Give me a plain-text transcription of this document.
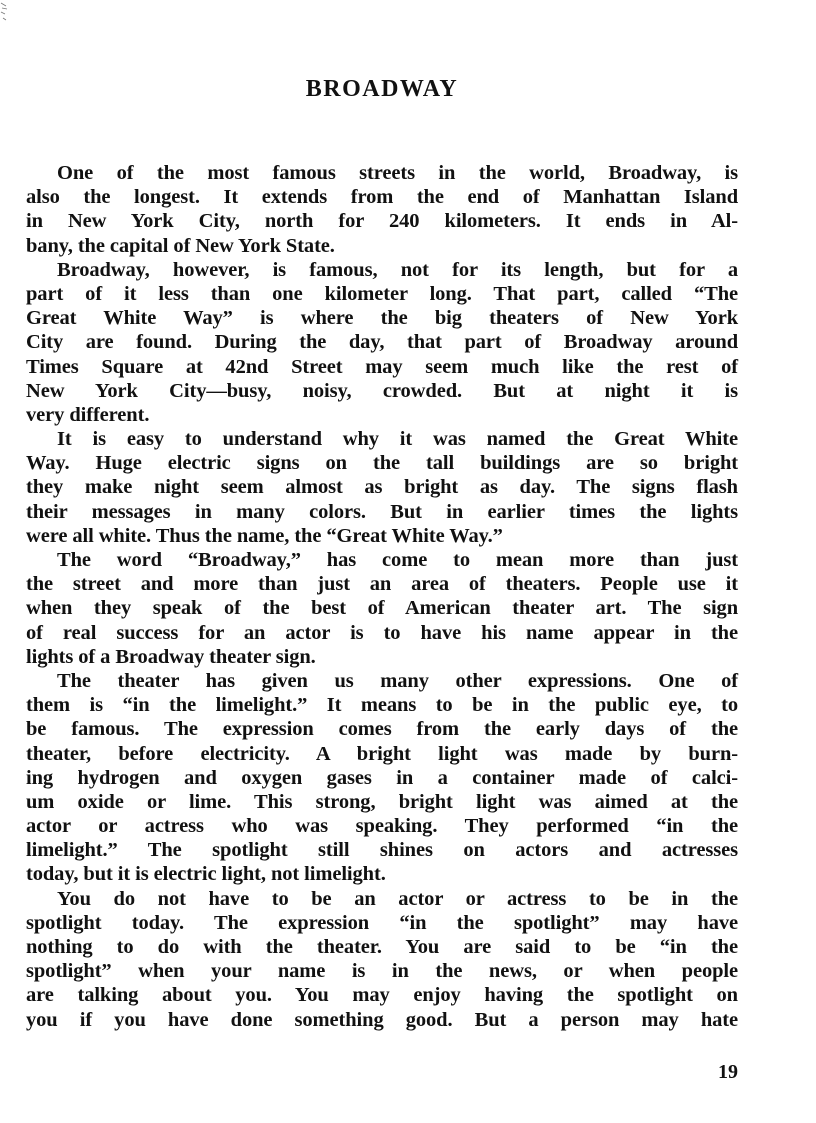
BROADWAY
One of the most famous streets in the world, Broadway, is
also the longest. It extends from the end of Manhattan Island
in New York City, north for 240 kilometers. It ends in Al-
bany, the capital of New York State.
Broadway, however, is famous, not for its length, but for a
part of it less than one kilometer long. That part, called “The
Great White Way” is where the big theaters of New York
City are found. During the day, that part of Broadway around
Times Square at 42nd Street may seem much like the rest of
New York City—busy, noisy, crowded. But at night it is
very different.
It is easy to understand why it was named the Great White
Way. Huge electric signs on the tall buildings are so bright
they make night seem almost as bright as day. The signs flash
their messages in many colors. But in earlier times the lights
were all white. Thus the name, the “Great White Way.”
The word “Broadway,” has come to mean more than just
the street and more than just an area of theaters. People use it
when they speak of the best of American theater art. The sign
of real success for an actor is to have his name appear in the
lights of a Broadway theater sign.
The theater has given us many other expressions. One of
them is “in the limelight.” It means to be in the public eye, to
be famous. The expression comes from the early days of the
theater, before electricity. A bright light was made by burn-
ing hydrogen and oxygen gases in a container made of calci-
um oxide or lime. This strong, bright light was aimed at the
actor or actress who was speaking. They performed “in the
limelight.” The spotlight still shines on actors and actresses
today, but it is electric light, not limelight.
You do not have to be an actor or actress to be in the
spotlight today. The expression “in the spotlight” may have
nothing to do with the theater. You are said to be “in the
spotlight” when your name is in the news, or when people
are talking about you. You may enjoy having the spotlight on
you if you have done something good. But a person may hate
19
